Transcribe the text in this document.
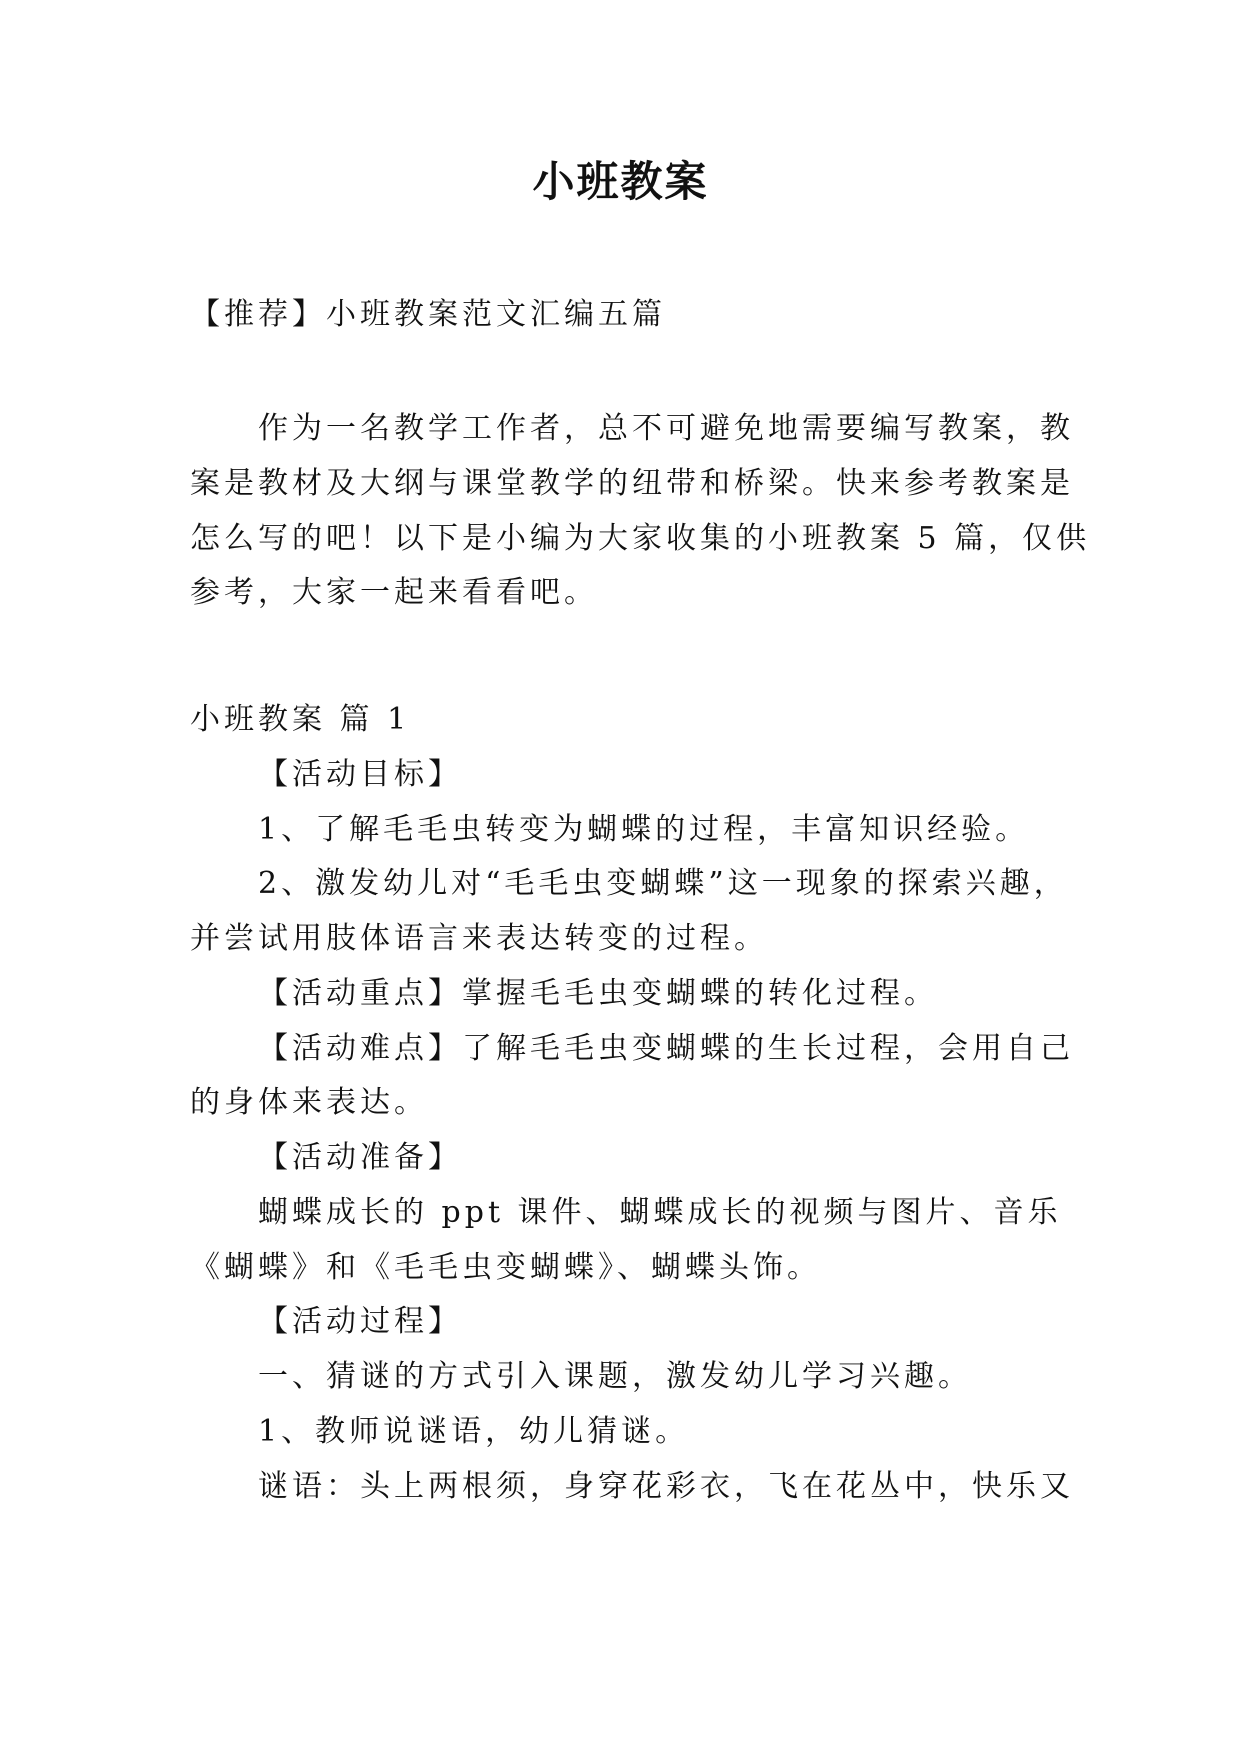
小班教案
【推荐】小班教案范文汇编五篇
作为一名教学工作者，总不可避免地需要编写教案，教
案是教材及大纲与课堂教学的纽带和桥梁。快来参考教案是
怎么写的吧！以下是小编为大家收集的小班教案 5 篇，仅供
参考，大家一起来看看吧。
小班教案 篇 1
【活动目标】
1、了解毛毛虫转变为蝴蝶的过程，丰富知识经验。
2、激发幼儿对“毛毛虫变蝴蝶”这一现象的探索兴趣，
并尝试用肢体语言来表达转变的过程。
【活动重点】掌握毛毛虫变蝴蝶的转化过程。
【活动难点】了解毛毛虫变蝴蝶的生长过程，会用自己
的身体来表达。
【活动准备】
蝴蝶成长的 ppt 课件、蝴蝶成长的视频与图片、音乐
《蝴蝶》和《毛毛虫变蝴蝶》、蝴蝶头饰。
【活动过程】
一、猜谜的方式引入课题，激发幼儿学习兴趣。
1、教师说谜语，幼儿猜谜。
谜语：头上两根须，身穿花彩衣，飞在花丛中，快乐又
